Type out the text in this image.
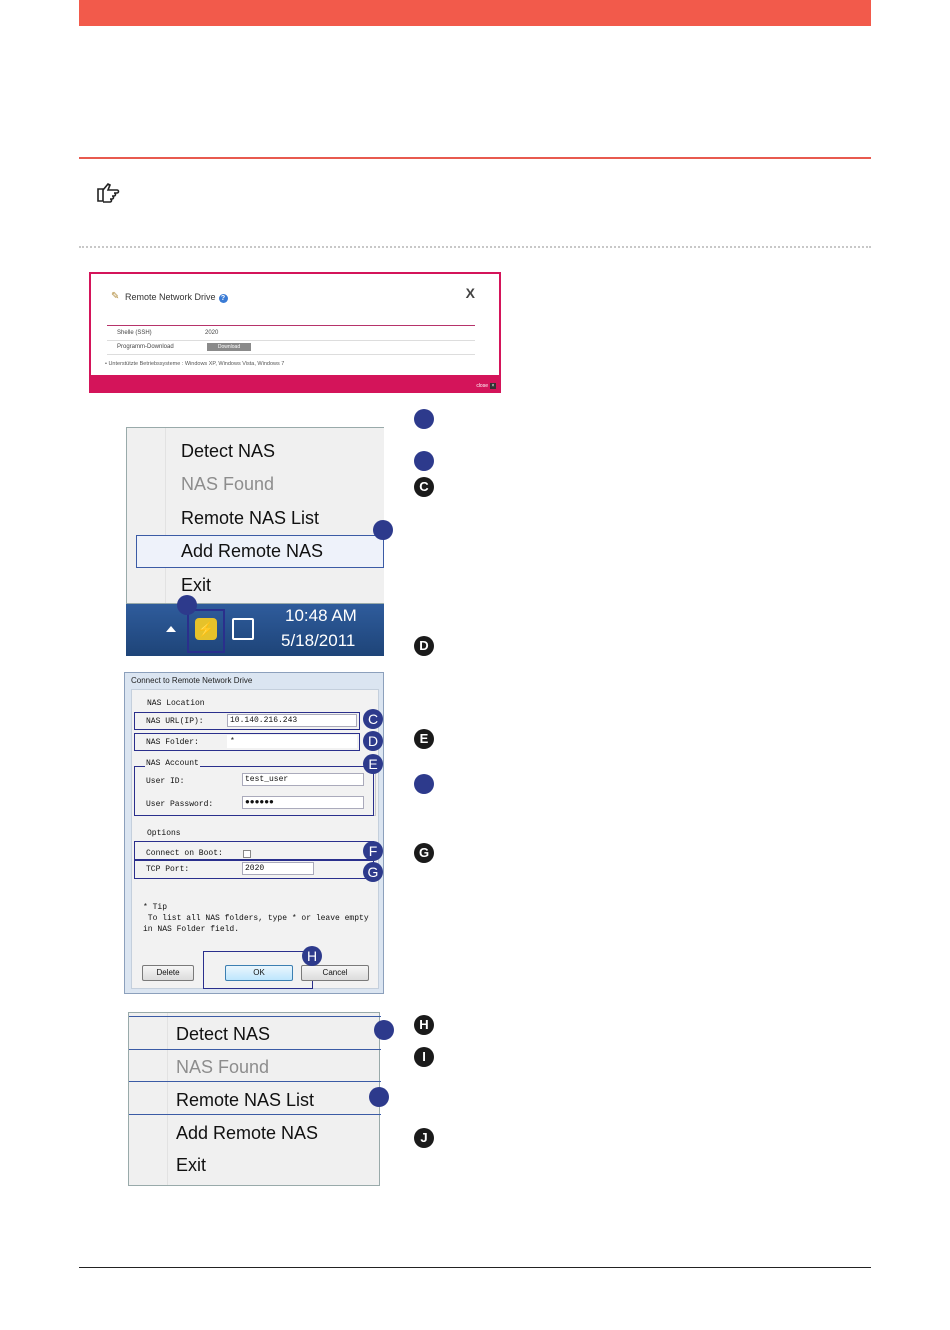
✎ Remote Network Drive ?	X
Shelle (SSH)	2020
Programm-Download	Download
• Unterstützte Betriebssysteme : Windows XP, Windows Vista, Windows 7
close ×
C
Detect NAS
NAS Found
Remote NAS List
Add Remote NAS
Exit
⚡
10:48 AM
5/18/2011	D
Connect to Remote Network Drive
NAS Location
NAS URL(IP):	10.140.216.243
NAS Folder:	*
NAS Account
User ID:	test_user
User Password:	●●●●●●
Options
Connect on Boot:
TCP Port:	2020
* Tip
To list all NAS folders, type * or leave empty
in NAS Folder field.
Delete	OK	Cancel
C
D
E
F
G
H
E
G
Detect NAS
NAS Found
Remote NAS List
Add Remote NAS
Exit
H
I
J
